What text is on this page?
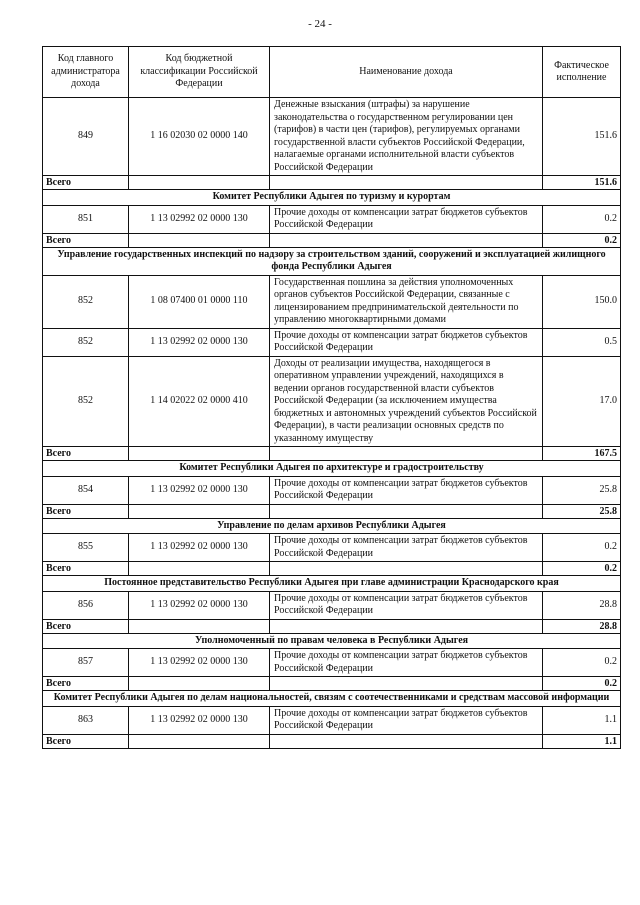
- 24 -
Код главного администратора дохода	Код бюджетной классификации Российской Федерации	Наименование дохода	Фактическое исполнение
849	1 16 02030 02 0000 140	Денежные взыскания (штрафы) за нарушение законодательства о государственном регулировании цен (тарифов) в части цен (тарифов), регулируемых органами государственной власти субъектов Российской Федерации, налагаемые органами исполнительной власти субъектов Российской Федерации	151.6
Всего			151.6
Комитет Республики Адыгея по туризму и курортам			
851	1 13 02992 02 0000 130	Прочие доходы от компенсации затрат бюджетов субъектов Российской Федерации	0.2
Всего			0.2
Управление государственных инспекций по надзору за строительством зданий, сооружений и эксплуатацией жилищного фонда Республики Адыгея			
852	1 08 07400 01 0000 110	Государственная пошлина за действия уполномоченных органов субъектов Российской Федерации, связанные с лицензированием предпринимательской деятельности по управлению многоквартирными домами	150.0
852	1 13 02992 02 0000 130	Прочие доходы от компенсации затрат бюджетов субъектов Российской Федерации	0.5
852	1 14 02022 02 0000 410	Доходы от реализации имущества, находящегося в оперативном управлении учреждений, находящихся в ведении органов государственной власти субъектов Российской Федерации (за исключением имущества бюджетных и автономных учреждений субъектов Российской Федерации), в части реализации основных средств по указанному имуществу	17.0
Всего			167.5
Комитет Республики Адыгея по архитектуре и градостроительству			
854	1 13 02992 02 0000 130	Прочие доходы от компенсации затрат бюджетов субъектов Российской Федерации	25.8
Всего			25.8
Управление по делам архивов Республики Адыгея			
855	1 13 02992 02 0000 130	Прочие доходы от компенсации затрат бюджетов субъектов Российской Федерации	0.2
Всего			0.2
Постоянное представительство Республики Адыгея при главе администрации Краснодарского края			
856	1 13 02992 02 0000 130	Прочие доходы от компенсации затрат бюджетов субъектов Российской Федерации	28.8
Всего			28.8
Уполномоченный по правам человека в Республики Адыгея			
857	1 13 02992 02 0000 130	Прочие доходы от компенсации затрат бюджетов субъектов Российской Федерации	0.2
Всего			0.2
Комитет Республики Адыгея по делам национальностей, связям с соотечественниками и средствам массовой информации			
863	1 13 02992 02 0000 130	Прочие доходы от компенсации затрат бюджетов субъектов Российской Федерации	1.1
Всего			1.1
